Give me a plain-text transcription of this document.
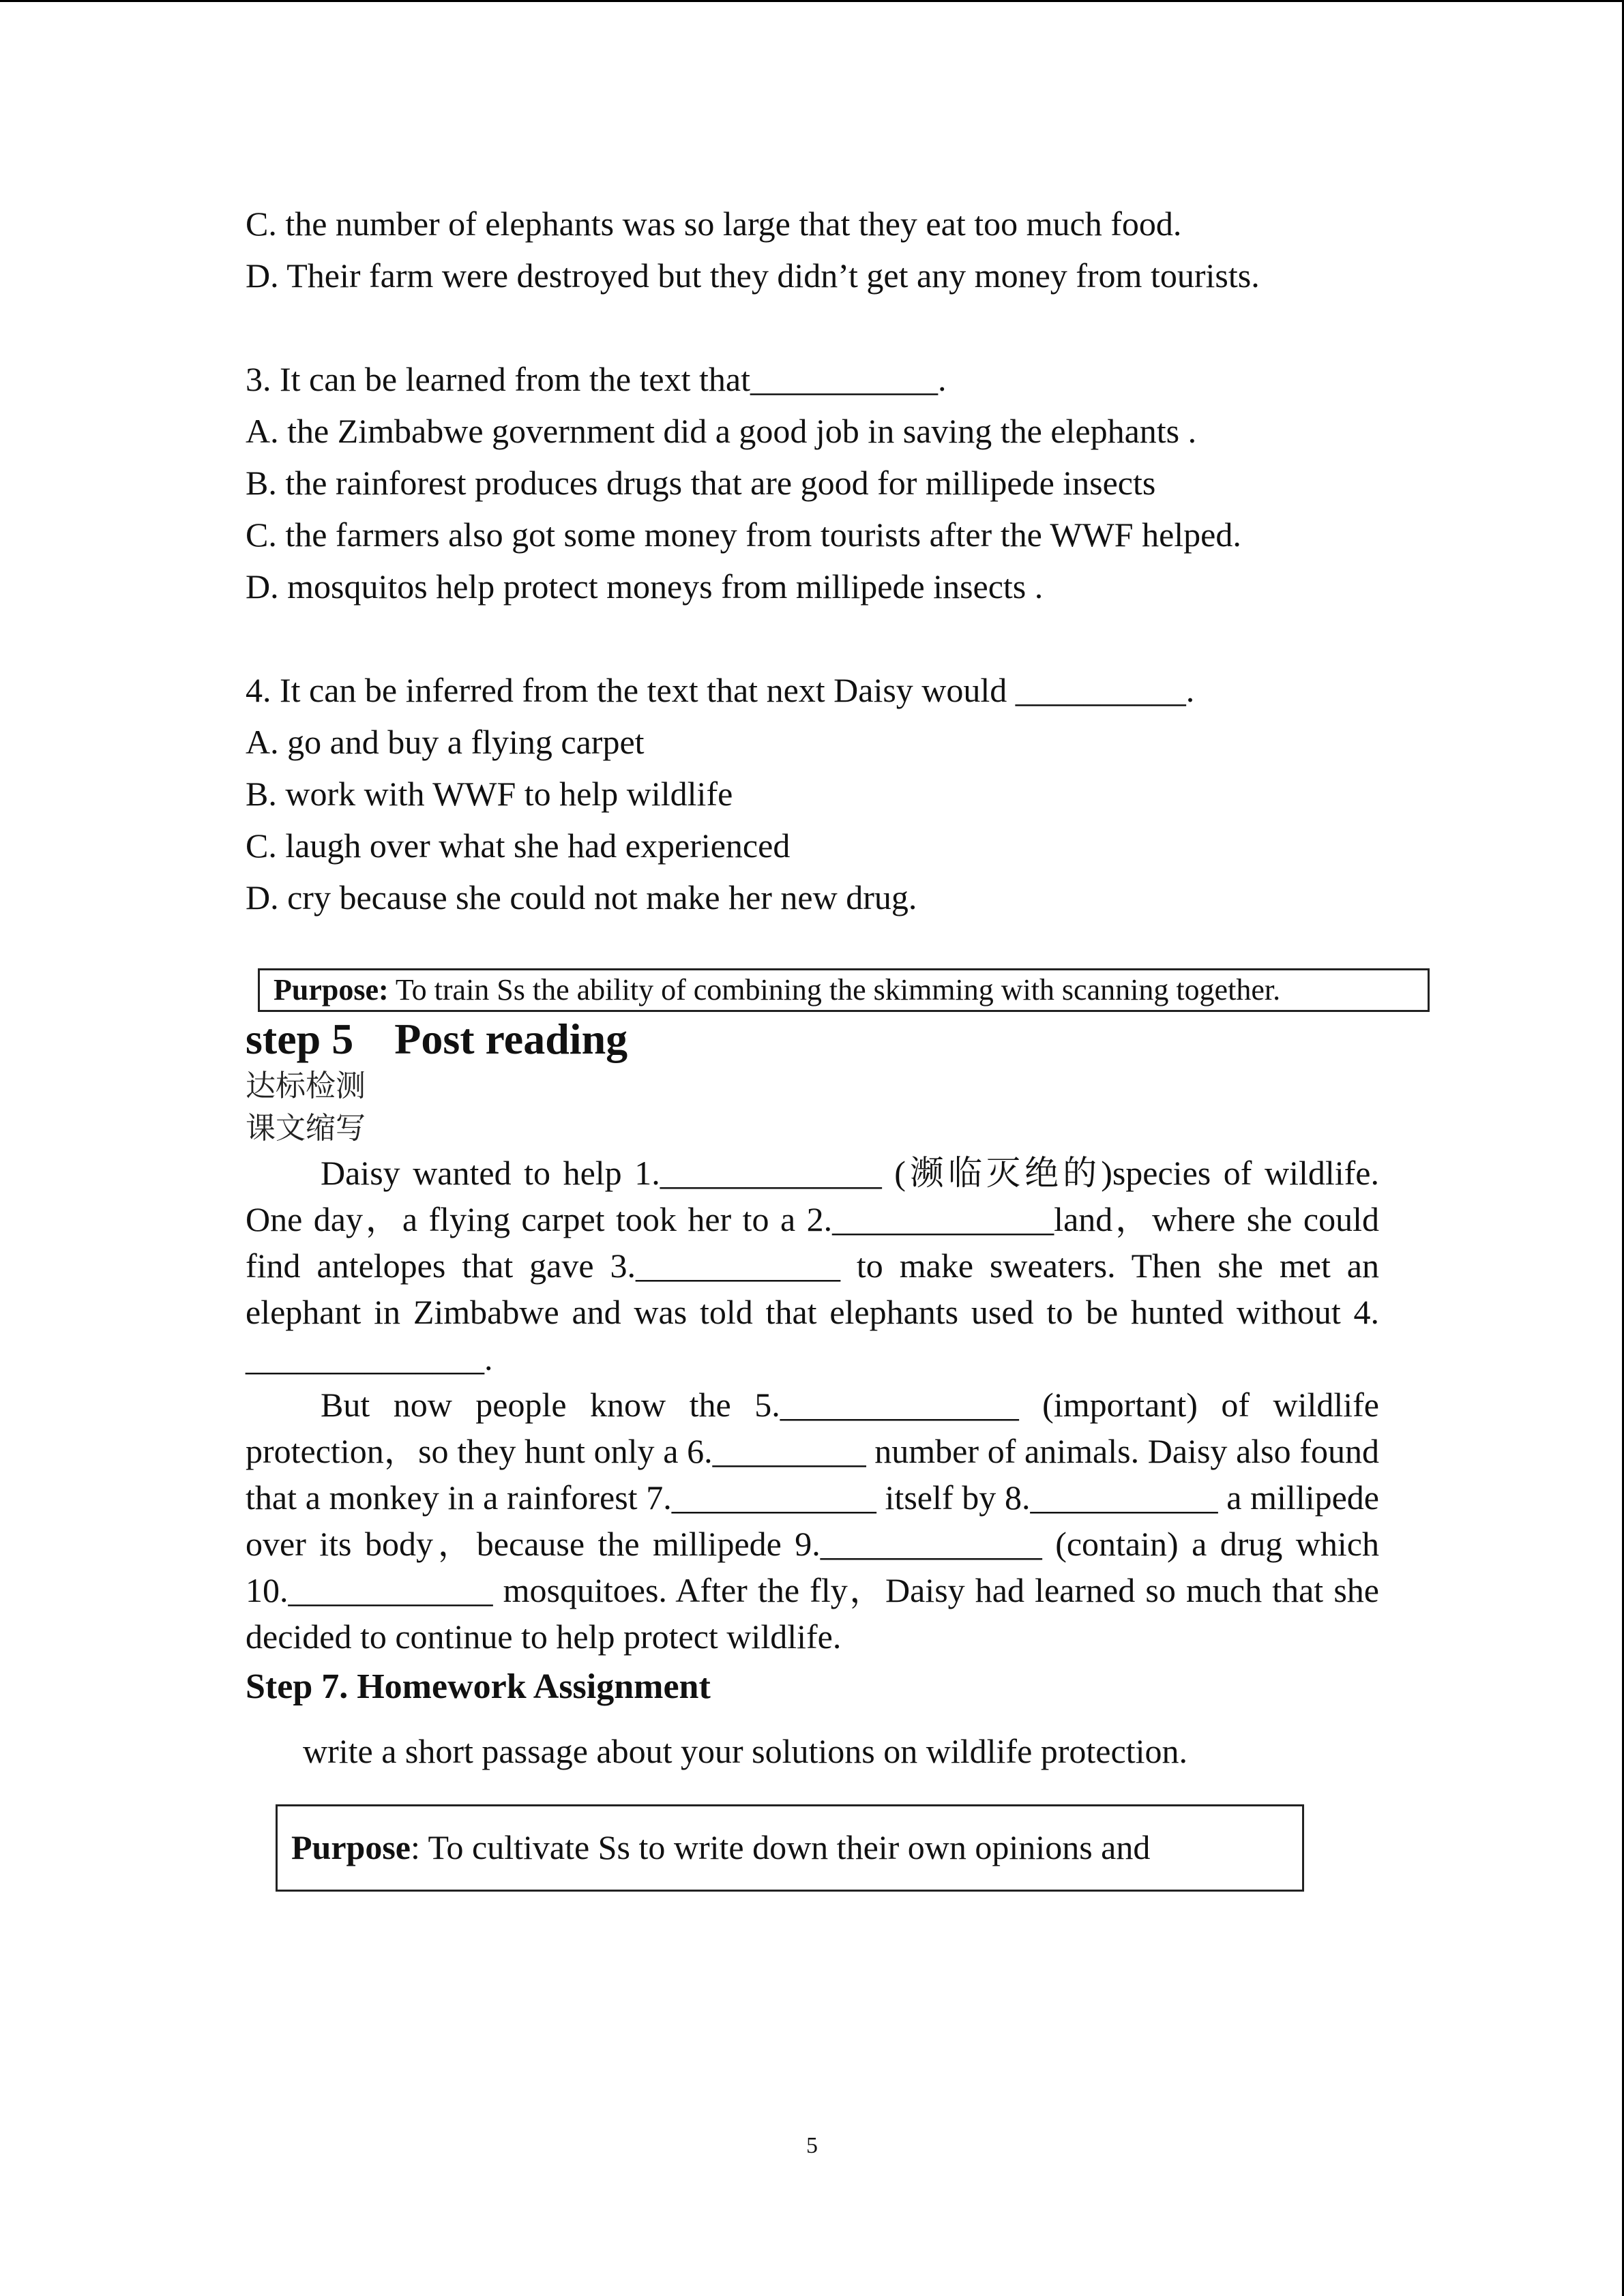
C. the number of elephants was so large that they eat too much food.

D. Their farm were destroyed but they didn’t get any money from tourists.

3. It can be learned from the text that___________.

A. the Zimbabwe government did a good job in saving the elephants .

B. the rainforest produces drugs that are good for millipede insects

C. the farmers also got some money from tourists after the WWF helped.

D. mosquitos help protect moneys from millipede insects .

4. It can be inferred from the text that next Daisy would __________.

A. go and buy a flying carpet

B. work with WWF to help wildlife

C. laugh over what she had experienced

D. cry because she could not make her new drug.

Purpose: To train Ss the ability of combining the skimming with scanning together.
step 5 Post reading
达标检测
课文缩写

Daisy wanted to help 1._____________ (濒临灭绝的)species of wildlife. One day，a flying carpet took her to a 2._____________land，where she could find antelopes that gave 3.____________ to make sweaters. Then she met an elephant in Zimbabwe and was told that elephants used to be hunted without 4. ______________.

But now people know the 5.______________ (important) of wildlife protection，so they hunt only a 6._________ number of animals. Daisy also found that a monkey in a rainforest 7.____________ itself by 8.___________ a millipede over its body，because the millipede 9._____________ (contain) a drug which 10.____________ mosquitoes. After the fly，Daisy had learned so much that she decided to continue to help protect wildlife.

Step 7. Homework Assignment
write a short passage about your solutions on wildlife protection.
Purpose: To cultivate Ss to write down their own opinions and
5
